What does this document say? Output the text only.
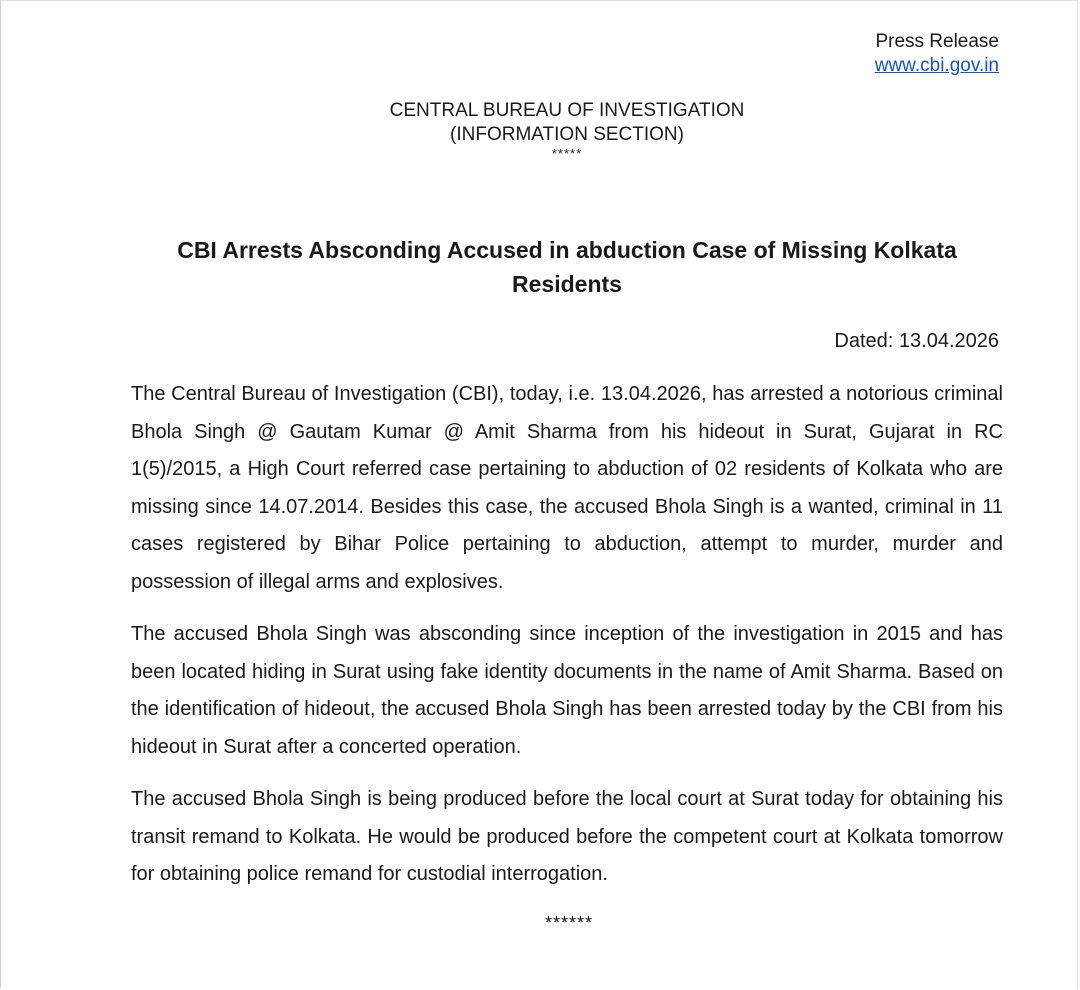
Press Release
www.cbi.gov.in
CENTRAL BUREAU OF INVESTIGATION
(INFORMATION SECTION)
*****
CBI Arrests Absconding Accused in abduction Case of Missing Kolkata Residents
Dated: 13.04.2026

The Central Bureau of Investigation (CBI), today, i.e. 13.04.2026, has arrested a notorious criminal Bhola Singh @ Gautam Kumar @ Amit Sharma from his hideout in Surat, Gujarat in RC 1(5)/2015, a High Court referred case pertaining to abduction of 02 residents of Kolkata who are missing since 14.07.2014. Besides this case, the accused Bhola Singh is a wanted, criminal in 11 cases registered by Bihar Police pertaining to abduction, attempt to murder, murder and possession of illegal arms and explosives.

The accused Bhola Singh was absconding since inception of the investigation in 2015 and has been located hiding in Surat using fake identity documents in the name of Amit Sharma. Based on the identification of hideout, the accused Bhola Singh has been arrested today by the CBI from his hideout in Surat after a concerted operation.

The accused Bhola Singh is being produced before the local court at Surat today for obtaining his transit remand to Kolkata. He would be produced before the competent court at Kolkata tomorrow for obtaining police remand for custodial interrogation.

******
